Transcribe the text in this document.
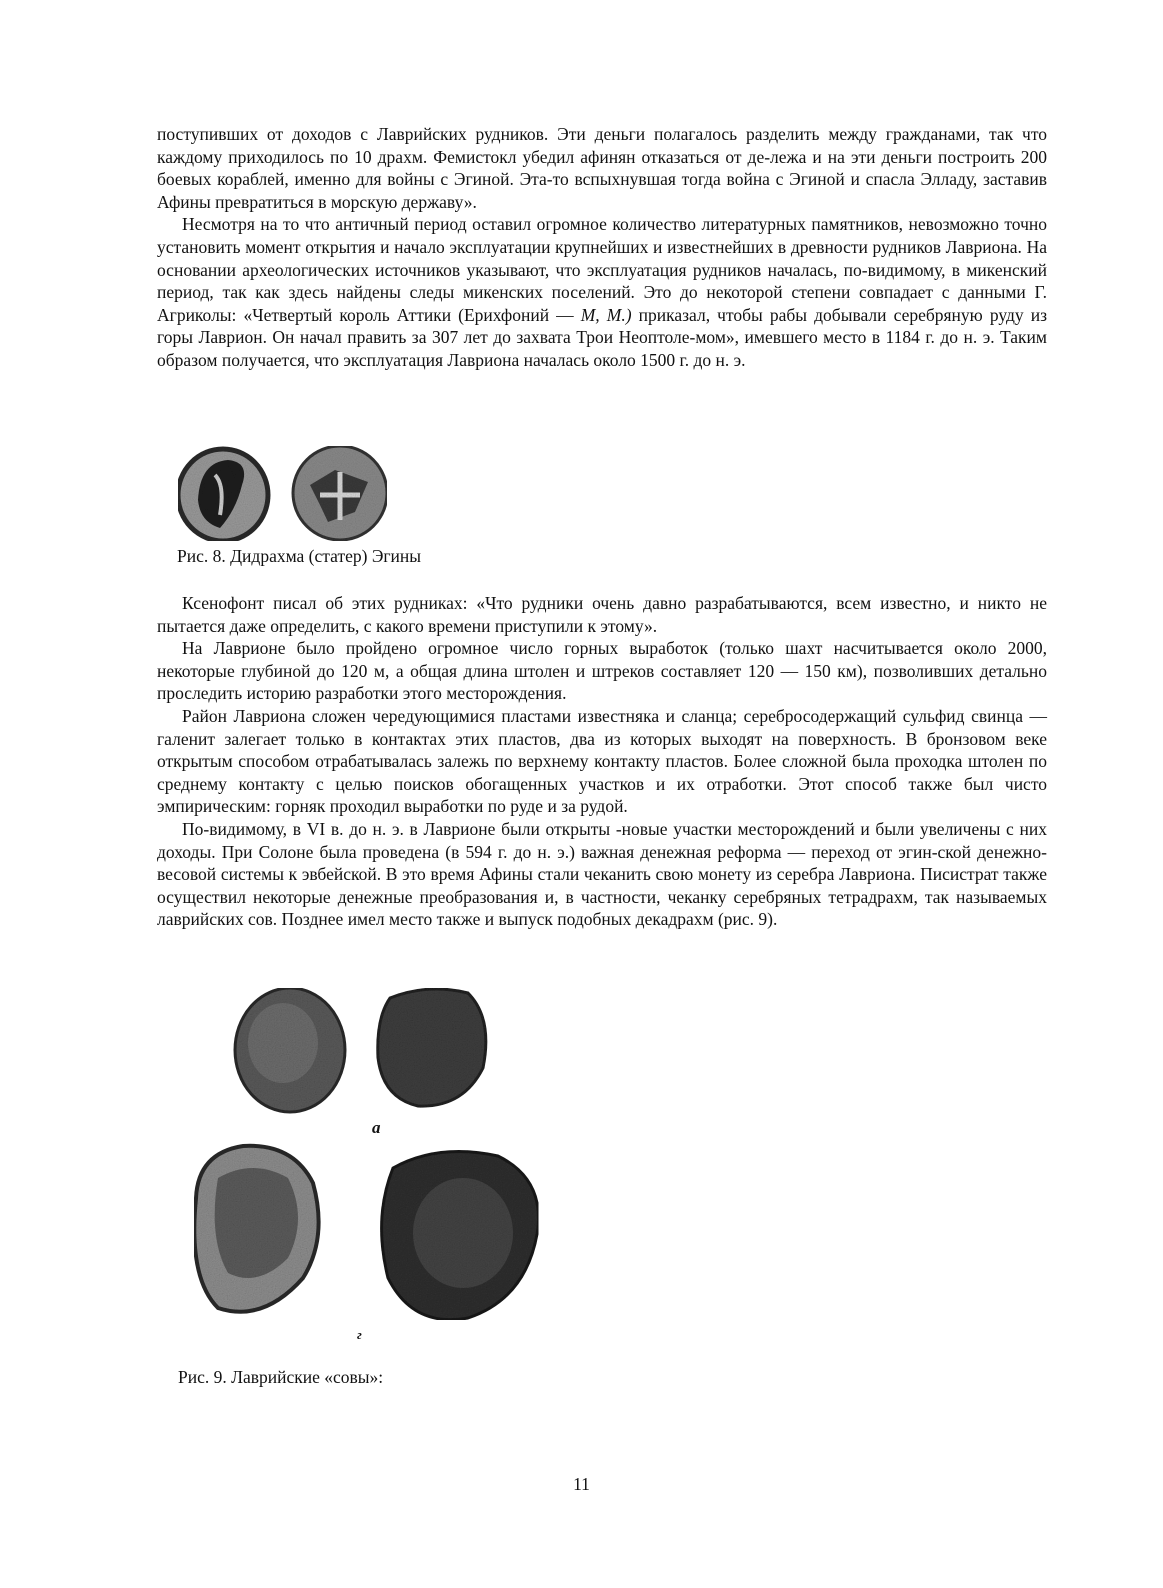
поступивших от доходов с Лаврийских рудников. Эти деньги полагалось разделить между гражданами, так что каждому приходилось по 10 драхм. Фемистокл убедил афинян отказаться от де-лежа и на эти деньги построить 200 боевых кораблей, именно для войны с Эгиной. Эта-то вспыхнувшая тогда война с Эгиной и спасла Элладу, заставив Афины превратиться в морскую державу».

Несмотря на то что античный период оставил огромное количество литературных памятников, невозможно точно установить момент открытия и начало эксплуатации крупнейших и известнейших в древности рудников Лавриона. На основании археологических источников указывают, что эксплуатация рудников началась, по-видимому, в микенский период, так как здесь найдены следы микенских поселений. Это до некоторой степени совпадает с данными Г. Агриколы: «Четвертый король Аттики (Ерихфоний — М, М.) приказал, чтобы рабы добывали серебряную руду из горы Лаврион. Он начал править за 307 лет до захвата Трои Неоптоле-мом», имевшего место в 1184 г. до н. э. Таким образом получается, что эксплуатация Лавриона началась около 1500 г. до н. э.

Рис. 8. Дидрахма (статер) Эгины

Ксенофонт писал об этих рудниках: «Что рудники очень давно разрабатываются, всем известно, и никто не пытается даже определить, с какого времени приступили к этому».

На Лаврионе было пройдено огромное число горных выработок (только шахт насчитывается около 2000, некоторые глубиной до 120 м, а общая длина штолен и штреков составляет 120 — 150 км), позволивших детально проследить историю разработки этого месторождения.

Район Лавриона сложен чередующимися пластами известняка и сланца; серебросодержащий сульфид свинца — галенит залегает только в контактах этих пластов, два из которых выходят на поверхность. В бронзовом веке открытым способом отрабатывалась залежь по верхнему контакту пластов. Более сложной была проходка штолен по среднему контакту с целью поисков обогащенных участков и их отработки. Этот способ также был чисто эмпирическим: горняк проходил выработки по руде и за рудой.

По-видимому, в VI в. до н. э. в Лаврионе были открыты -новые участки месторождений и были увеличены с них доходы. При Солоне была проведена (в 594 г. до н. э.) важная денежная реформа — переход от эгин-ской денежно-весовой системы к эвбейской. В это время Афины стали чеканить свою монету из серебра Лавриона. Писистрат также осуществил некоторые денежные преобразования и, в частности, чеканку серебряных тетрадрахм, так называемых лаврийских сов. Позднее имел место также и выпуск подобных декадрахм (рис. 9).

а
г
Рис. 9. Лаврийские «совы»:
11
